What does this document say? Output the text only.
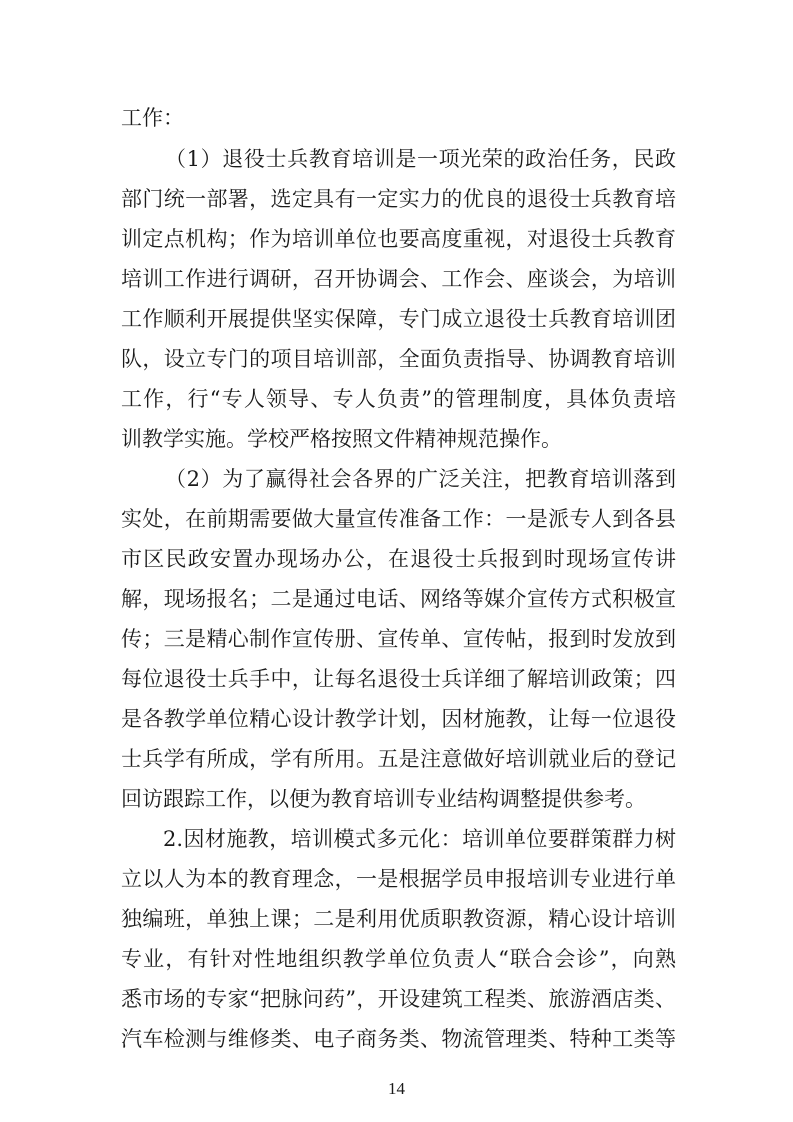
工作：
（1）退役士兵教育培训是一项光荣的政治任务，民政
部门统一部署，选定具有一定实力的优良的退役士兵教育培
训定点机构；作为培训单位也要高度重视，对退役士兵教育
培训工作进行调研，召开协调会、工作会、座谈会，为培训
工作顺利开展提供坚实保障，专门成立退役士兵教育培训团
队，设立专门的项目培训部，全面负责指导、协调教育培训
工作，行“专人领导、专人负责”的管理制度，具体负责培
训教学实施。学校严格按照文件精神规范操作。
（2）为了赢得社会各界的广泛关注，把教育培训落到
实处，在前期需要做大量宣传准备工作：一是派专人到各县
市区民政安置办现场办公，在退役士兵报到时现场宣传讲
解，现场报名；二是通过电话、网络等媒介宣传方式积极宣
传；三是精心制作宣传册、宣传单、宣传帖，报到时发放到
每位退役士兵手中，让每名退役士兵详细了解培训政策；四
是各教学单位精心设计教学计划，因材施教，让每一位退役
士兵学有所成，学有所用。五是注意做好培训就业后的登记
回访跟踪工作，以便为教育培训专业结构调整提供参考。
2.因材施教，培训模式多元化：培训单位要群策群力树
立以人为本的教育理念，一是根据学员申报培训专业进行单
独编班，单独上课；二是利用优质职教资源，精心设计培训
专业，有针对性地组织教学单位负责人“联合会诊”，向熟
悉市场的专家“把脉问药”，开设建筑工程类、旅游酒店类、
汽车检测与维修类、电子商务类、物流管理类、特种工类等
14
